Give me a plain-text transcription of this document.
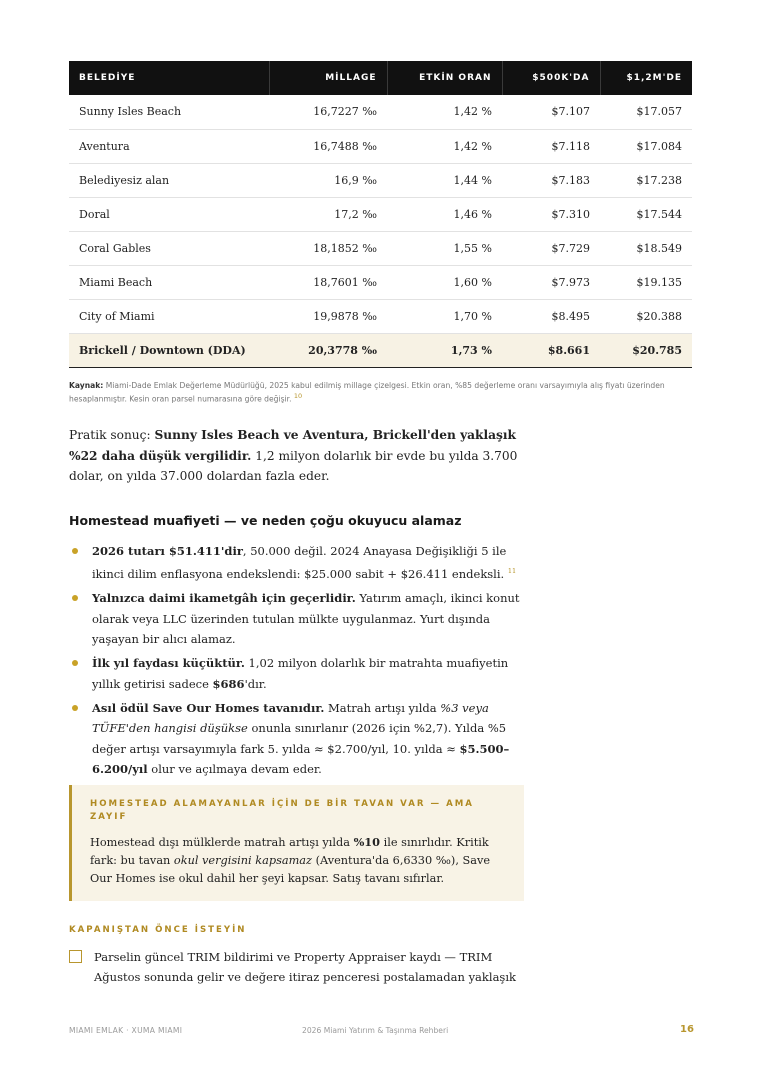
BELEDİYE	MİLLAGE	ETKİN ORAN	$500K'DA	$1,2M'DE
Sunny Isles Beach	16,7227 ‰	1,42 %	$7.107	$17.057
Aventura	16,7488 ‰	1,42 %	$7.118	$17.084
Belediyesiz alan	16,9 ‰	1,44 %	$7.183	$17.238
Doral	17,2 ‰	1,46 %	$7.310	$17.544
Coral Gables	18,1852 ‰	1,55 %	$7.729	$18.549
Miami Beach	18,7601 ‰	1,60 %	$7.973	$19.135
City of Miami	19,9878 ‰	1,70 %	$8.495	$20.388
Brickell / Downtown (DDA)	20,3778 ‰	1,73 %	$8.661	$20.785
Kaynak: Miami-Dade Emlak Değerleme Müdürlüğü, 2025 kabul edilmiş millage çizelgesi. Etkin oran, %85 değerleme oranı varsayımıyla alış fiyatı üzerinden hesaplanmıştır. Kesin oran parsel numarasına göre değişir. 10

Pratik sonuç: Sunny Isles Beach ve Aventura, Brickell'den yaklaşık %22 daha düşük vergilidir. 1,2 milyon dolarlık bir evde bu yılda 3.700 dolar, on yılda 37.000 dolardan fazla eder.

Homestead muafiyeti — ve neden çoğu okuyucu alamaz
2026 tutarı $51.411'dir, 50.000 değil. 2024 Anayasa Değişikliği 5 ile ikinci dilim enflasyona endekslendi: $25.000 sabit + $26.411 endeksli. $^{11}$
Yalnızca daimi ikametgâh için geçerlidir. Yatırım amaçlı, ikinci konut olarak veya LLC üzerinden tutulan mülkte uygulanmaz. Yurt dışında yaşayan bir alıcı alamaz.
İlk yıl faydası küçüktür. 1,02 milyon dolarlık bir matrahta muafiyetin yıllık getirisi sadece $686'dır.
Asıl ödül Save Our Homes tavanıdır. Matrah artışı yılda %3 veya TÜFE'den hangisi düşükse onunla sınırlanır (2026 için %2,7). Yılda %5 değer artışı varsayımıyla fark 5. yılda ≈ $2.700/yıl, 10. yılda ≈ $5.500–6.200/yıl olur ve açılmaya devam eder.
HOMESTEAD ALAMAYANLAR İÇİN DE BİR TAVAN VAR — AMA ZAYIF

Homestead dışı mülklerde matrah artışı yılda %10 ile sınırlıdır. Kritik fark: bu tavan okul vergisini kapsamaz (Aventura'da 6,6330 ‰), Save Our Homes ise okul dahil her şeyi kapsar. Satış tavanı sıfırlar.

KAPANIŞTAN ÖNCE İSTEYİN

Parselin güncel TRIM bildirimi ve Property Appraiser kaydı — TRIM Ağustos sonunda gelir ve değere itiraz penceresi postalamadan yaklaşık

MIAMI EMLAK · XUMA MIAMI	2026 Miami Yatırım & Taşınma Rehberi	16
